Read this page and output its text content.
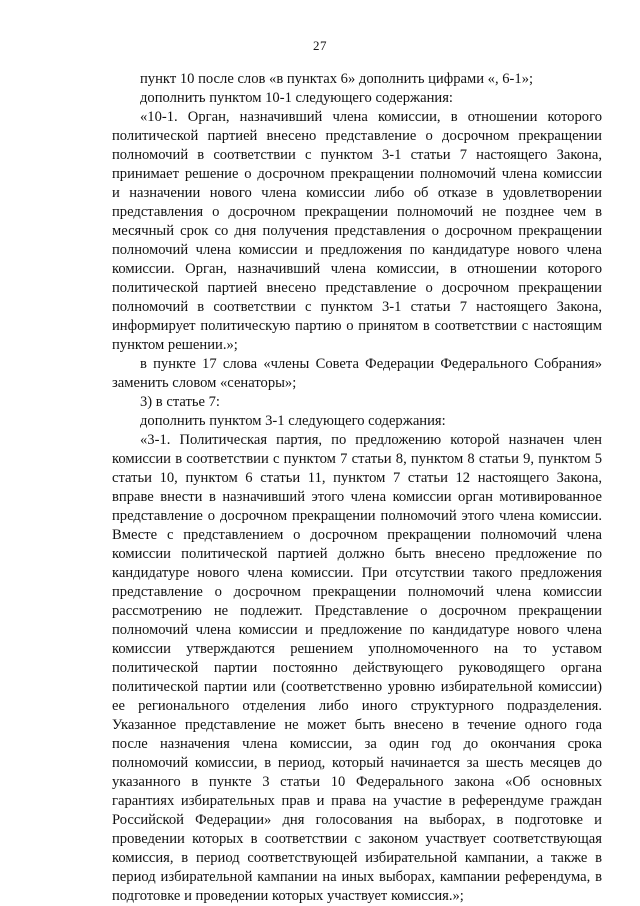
27
пункт 10 после слов «в пунктах 6» дополнить цифрами «, 6-1»;
дополнить пунктом 10-1 следующего содержания:
«10-1. Орган, назначивший члена комиссии, в отношении которого
политической партией внесено представление о досрочном прекращении
полномочий в соответствии с пунктом 3-1 статьи 7 настоящего Закона,
принимает решение о досрочном прекращении полномочий члена комиссии
и назначении нового члена комиссии либо об отказе в удовлетворении
представления о досрочном прекращении полномочий не позднее чем в
месячный срок со дня получения представления о досрочном прекращении
полномочий члена комиссии и предложения по кандидатуре нового члена
комиссии. Орган, назначивший члена комиссии, в отношении которого
политической партией внесено представление о досрочном прекращении
полномочий в соответствии с пунктом 3-1 статьи 7 настоящего Закона,
информирует политическую партию о принятом в соответствии с настоящим
пунктом решении.»;
в пункте 17 слова «члены Совета Федерации Федерального Собрания»
заменить словом «сенаторы»;
3) в статье 7:
дополнить пунктом 3-1 следующего содержания:
«3-1. Политическая партия, по предложению которой назначен член
комиссии в соответствии с пунктом 7 статьи 8, пунктом 8 статьи 9, пунктом 5
статьи 10, пунктом 6 статьи 11, пунктом 7 статьи 12 настоящего Закона,
вправе внести в назначивший этого члена комиссии орган мотивированное
представление о досрочном прекращении полномочий этого члена комиссии.
Вместе с представлением о досрочном прекращении полномочий члена
комиссии политической партией должно быть внесено предложение по
кандидатуре нового члена комиссии. При отсутствии такого предложения
представление о досрочном прекращении полномочий члена комиссии
рассмотрению не подлежит. Представление о досрочном прекращении
полномочий члена комиссии и предложение по кандидатуре нового члена
комиссии утверждаются решением уполномоченного на то уставом
политической партии постоянно действующего руководящего органа
политической партии или (соответственно уровню избирательной комиссии)
ее регионального отделения либо иного структурного подразделения.
Указанное представление не может быть внесено в течение одного года
после назначения члена комиссии, за один год до окончания срока
полномочий комиссии, в период, который начинается за шесть месяцев до
указанного в пункте 3 статьи 10 Федерального закона «Об основных
гарантиях избирательных прав и права на участие в референдуме граждан
Российской Федерации» дня голосования на выборах, в подготовке и
проведении которых в соответствии с законом участвует соответствующая
комиссия, в период соответствующей избирательной кампании, а также в
период избирательной кампании на иных выборах, кампании референдума, в
подготовке и проведении которых участвует комиссия.»;
